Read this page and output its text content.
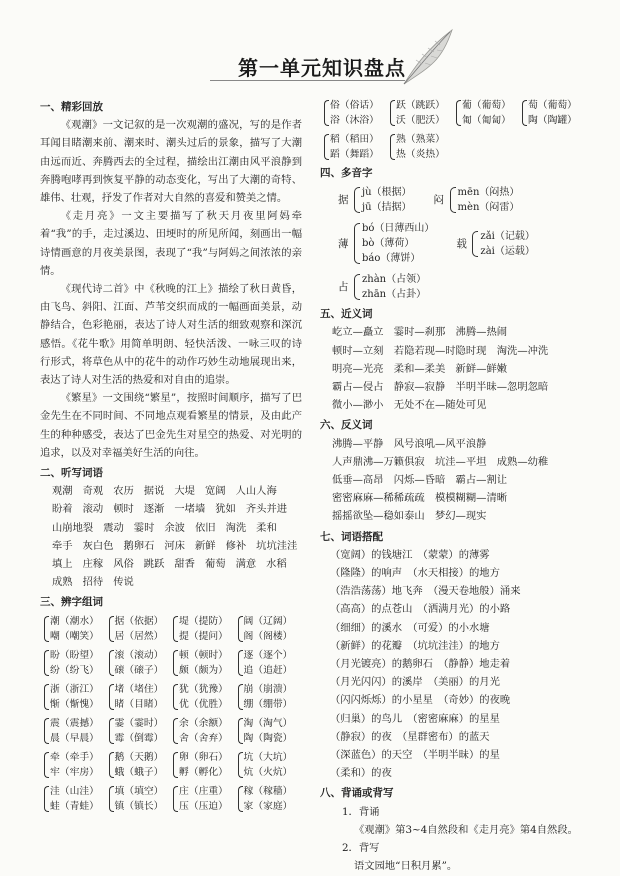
第一单元知识盘点
一、精彩回放
《观潮》一文记叙的是一次观潮的盛况，写的是作者耳闻目睹潮来前、潮来时、潮头过后的景象，描写了大潮由远而近、奔腾西去的全过程，描绘出江潮由风平浪静到奔腾咆哮再到恢复平静的动态变化，写出了大潮的奇特、雄伟、壮观，抒发了作者对大自然的喜爱和赞美之情。
《走月亮》一文主要描写了秋天月夜里阿妈牵着“我”的手，走过溪边、田埂时的所见所闻，刻画出一幅诗情画意的月夜美景图，表现了“我”与阿妈之间浓浓的亲情。
《现代诗二首》中《秋晚的江上》描绘了秋日黄昏，由飞鸟、斜阳、江面、芦苇交织而成的一幅画面美景，动静结合，色彩艳丽，表达了诗人对生活的细致观察和深沉感悟。《花牛歌》用简单明朗、轻快活泼、一咏三叹的诗行形式，将草色从中的花牛的动作巧妙生动地展现出来，表达了诗人对生活的热爱和对自由的追崇。
《繁星》一文围绕“繁星”，按照时间顺序，描写了巴金先生在不同时间、不同地点观看繁星的情景，及由此产生的种种感受，表达了巴金先生对星空的热爱、对光明的追求，以及对幸福美好生活的向往。
二、听写词语
观潮 奇观 农历 据说 大堤 宽阔 人山人海
盼着 滚动 顿时 逐渐 一堵墙 犹如 齐头并进
山崩地裂 震动 霎时 余波 依旧 淘洗 柔和
牵手 灰白色 鹅卵石 河床 新鲜 修补 坑坑洼洼
填上 庄稼 风俗 跳跃 甜香 葡萄 满意 水稻
成熟 招待 传说
三、辨字组词
潮（潮水）
嘲（嘲笑）
据（依据）
居（居然）
堤（提防）
提（提问）
阔（辽阔）
阁（阁楼）
盼（盼望）
纷（纷飞）
滚（滚动）
磙（磙子）
顿（顿时）
颇（颇为）
逐（逐个）
追（追赶）
浙（浙江）
惭（惭愧）
堵（堵住）
睹（目睹）
犹（犹豫）
优（优胜）
崩（崩溃）
绷（绷带）
震（震撼）
晨（早晨）
霎（霎时）
霉（倒霉）
余（余额）
舍（舍弃）
淘（淘气）
陶（陶瓷）
牵（牵手）
牢（牢房）
鹅（天鹅）
蛾（蛾子）
卵（卵石）
孵（孵化）
坑（大坑）
炕（火炕）
洼（山洼）
蛙（青蛙）
填（填空）
镇（镇长）
庄（庄重）
压（压迫）
稼（稼穑）
家（家庭）
俗（俗话）
浴（沐浴）
跃（跳跃）
沃（肥沃）
葡（葡萄）
匍（匍匐）
萄（葡萄）
陶（陶罐）
稻（稻田）
蹈（舞蹈）
熟（熟菜）
热（炎热）
四、多音字
据
jù（根据）
jū（拮据）
闷
mēn（闷热）
mèn（闷雷）
薄
bó（日薄西山）
bò（薄荷）
báo（薄饼）
载
zǎi（记载）
zài（运载）
占
zhàn（占领）
zhān（占卦）
五、近义词
屹立—矗立　霎时—刹那　沸腾—热闹
顿时—立刻　若隐若现—时隐时现　淘洗—冲洗
明亮—光亮　柔和—柔美　新鲜—鲜嫩
霸占—侵占　静寂—寂静　半明半昧—忽明忽暗
微小—渺小　无处不在—随处可见
六、反义词
沸腾—平静　风号浪吼—风平浪静
人声鼎沸—万籁俱寂　坑洼—平坦　成熟—幼稚
低垂—高昂　闪烁—昏暗　霸占—割让
密密麻麻—稀稀疏疏　模模糊糊—清晰
摇摇欲坠—稳如泰山　梦幻—现实
七、词语搭配
（宽阔）的钱塘江　（蒙蒙）的薄雾
（隆隆）的响声　（水天相接）的地方
（浩浩荡荡）地飞奔　（漫天卷地般）涌来
（高高）的点苍山　（洒满月光）的小路
（细细）的溪水　（可爱）的小水塘
（新鲜）的花瓣　（坑坑洼洼）的地方
（月光镀亮）的鹅卵石　（静静）地走着
（月光闪闪）的溪岸　（美丽）的月光
（闪闪烁烁）的小星星　（奇妙）的夜晚
（归巢）的鸟儿　（密密麻麻）的星星
（静寂）的夜　（星群密布）的蓝天
（深蓝色）的天空　（半明半昧）的星
（柔和）的夜
八、背诵或背写
1．背诵
《观潮》第3~4自然段和《走月亮》第4自然段。
2．背写
语文园地“日积月累”。
